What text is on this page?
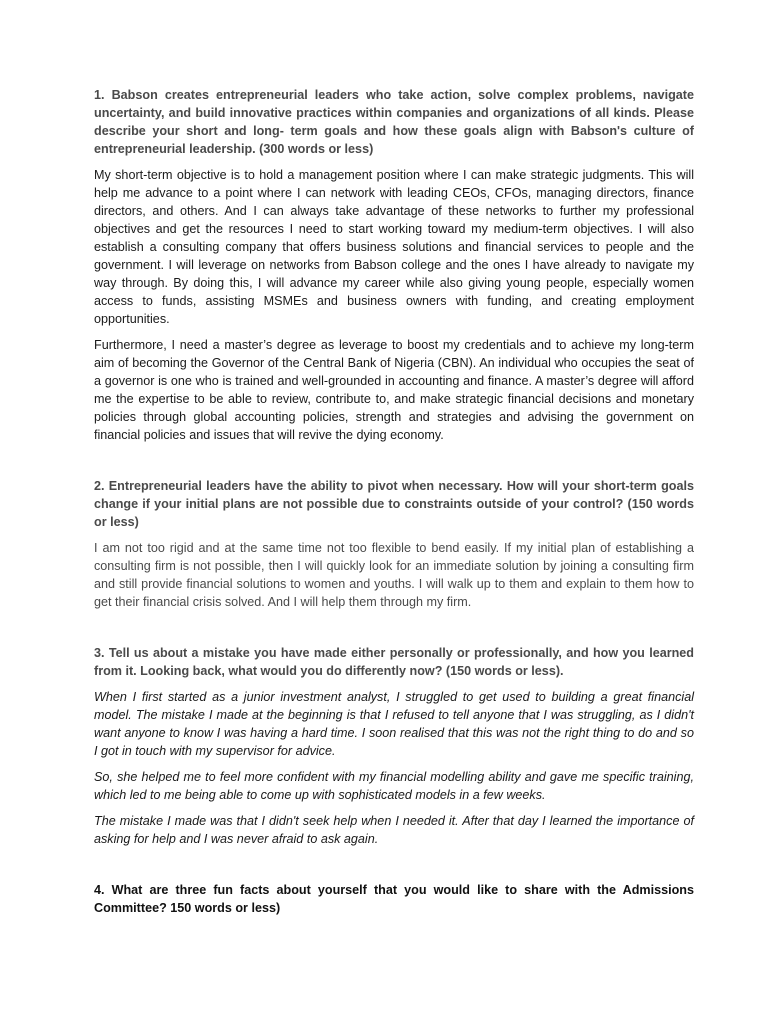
1. Babson creates entrepreneurial leaders who take action, solve complex problems, navigate uncertainty, and build innovative practices within companies and organizations of all kinds. Please describe your short and long- term goals and how these goals align with Babson's culture of entrepreneurial leadership. (300 words or less)

My short-term objective is to hold a management position where I can make strategic judgments. This will help me advance to a point where I can network with leading CEOs, CFOs, managing directors, finance directors, and others. And I can always take advantage of these networks to further my professional objectives and get the resources I need to start working toward my medium-term objectives. I will also establish a consulting company that offers business solutions and financial services to people and the government. I will leverage on networks from Babson college and the ones I have already to navigate my way through. By doing this, I will advance my career while also giving young people, especially women access to funds, assisting MSMEs and business owners with funding, and creating employment opportunities.

Furthermore, I need a master’s degree as leverage to boost my credentials and to achieve my long-term aim of becoming the Governor of the Central Bank of Nigeria (CBN). An individual who occupies the seat of a governor is one who is trained and well-grounded in accounting and finance. A master’s degree will afford me the expertise to be able to review, contribute to, and make strategic financial decisions and monetary policies through global accounting policies, strength and strategies and advising the government on financial policies and issues that will revive the dying economy.

2. Entrepreneurial leaders have the ability to pivot when necessary. How will your short-term goals change if your initial plans are not possible due to constraints outside of your control? (150 words or less)

I am not too rigid and at the same time not too flexible to bend easily. If my initial plan of establishing a consulting firm is not possible, then I will quickly look for an immediate solution by joining a consulting firm and still provide financial solutions to women and youths. I will walk up to them and explain to them how to get their financial crisis solved. And I will help them through my firm.

3. Tell us about a mistake you have made either personally or professionally, and how you learned from it. Looking back, what would you do differently now? (150 words or less).

When I first started as a junior investment analyst, I struggled to get used to building a great financial model. The mistake I made at the beginning is that I refused to tell anyone that I was struggling, as I didn't want anyone to know I was having a hard time. I soon realised that this was not the right thing to do and so I got in touch with my supervisor for advice.

So, she helped me to feel more confident with my financial modelling ability and gave me specific training, which led to me being able to come up with sophisticated models in a few weeks.

The mistake I made was that I didn't seek help when I needed it. After that day I learned the importance of asking for help and I was never afraid to ask again.

4. What are three fun facts about yourself that you would like to share with the Admissions Committee? 150 words or less)
